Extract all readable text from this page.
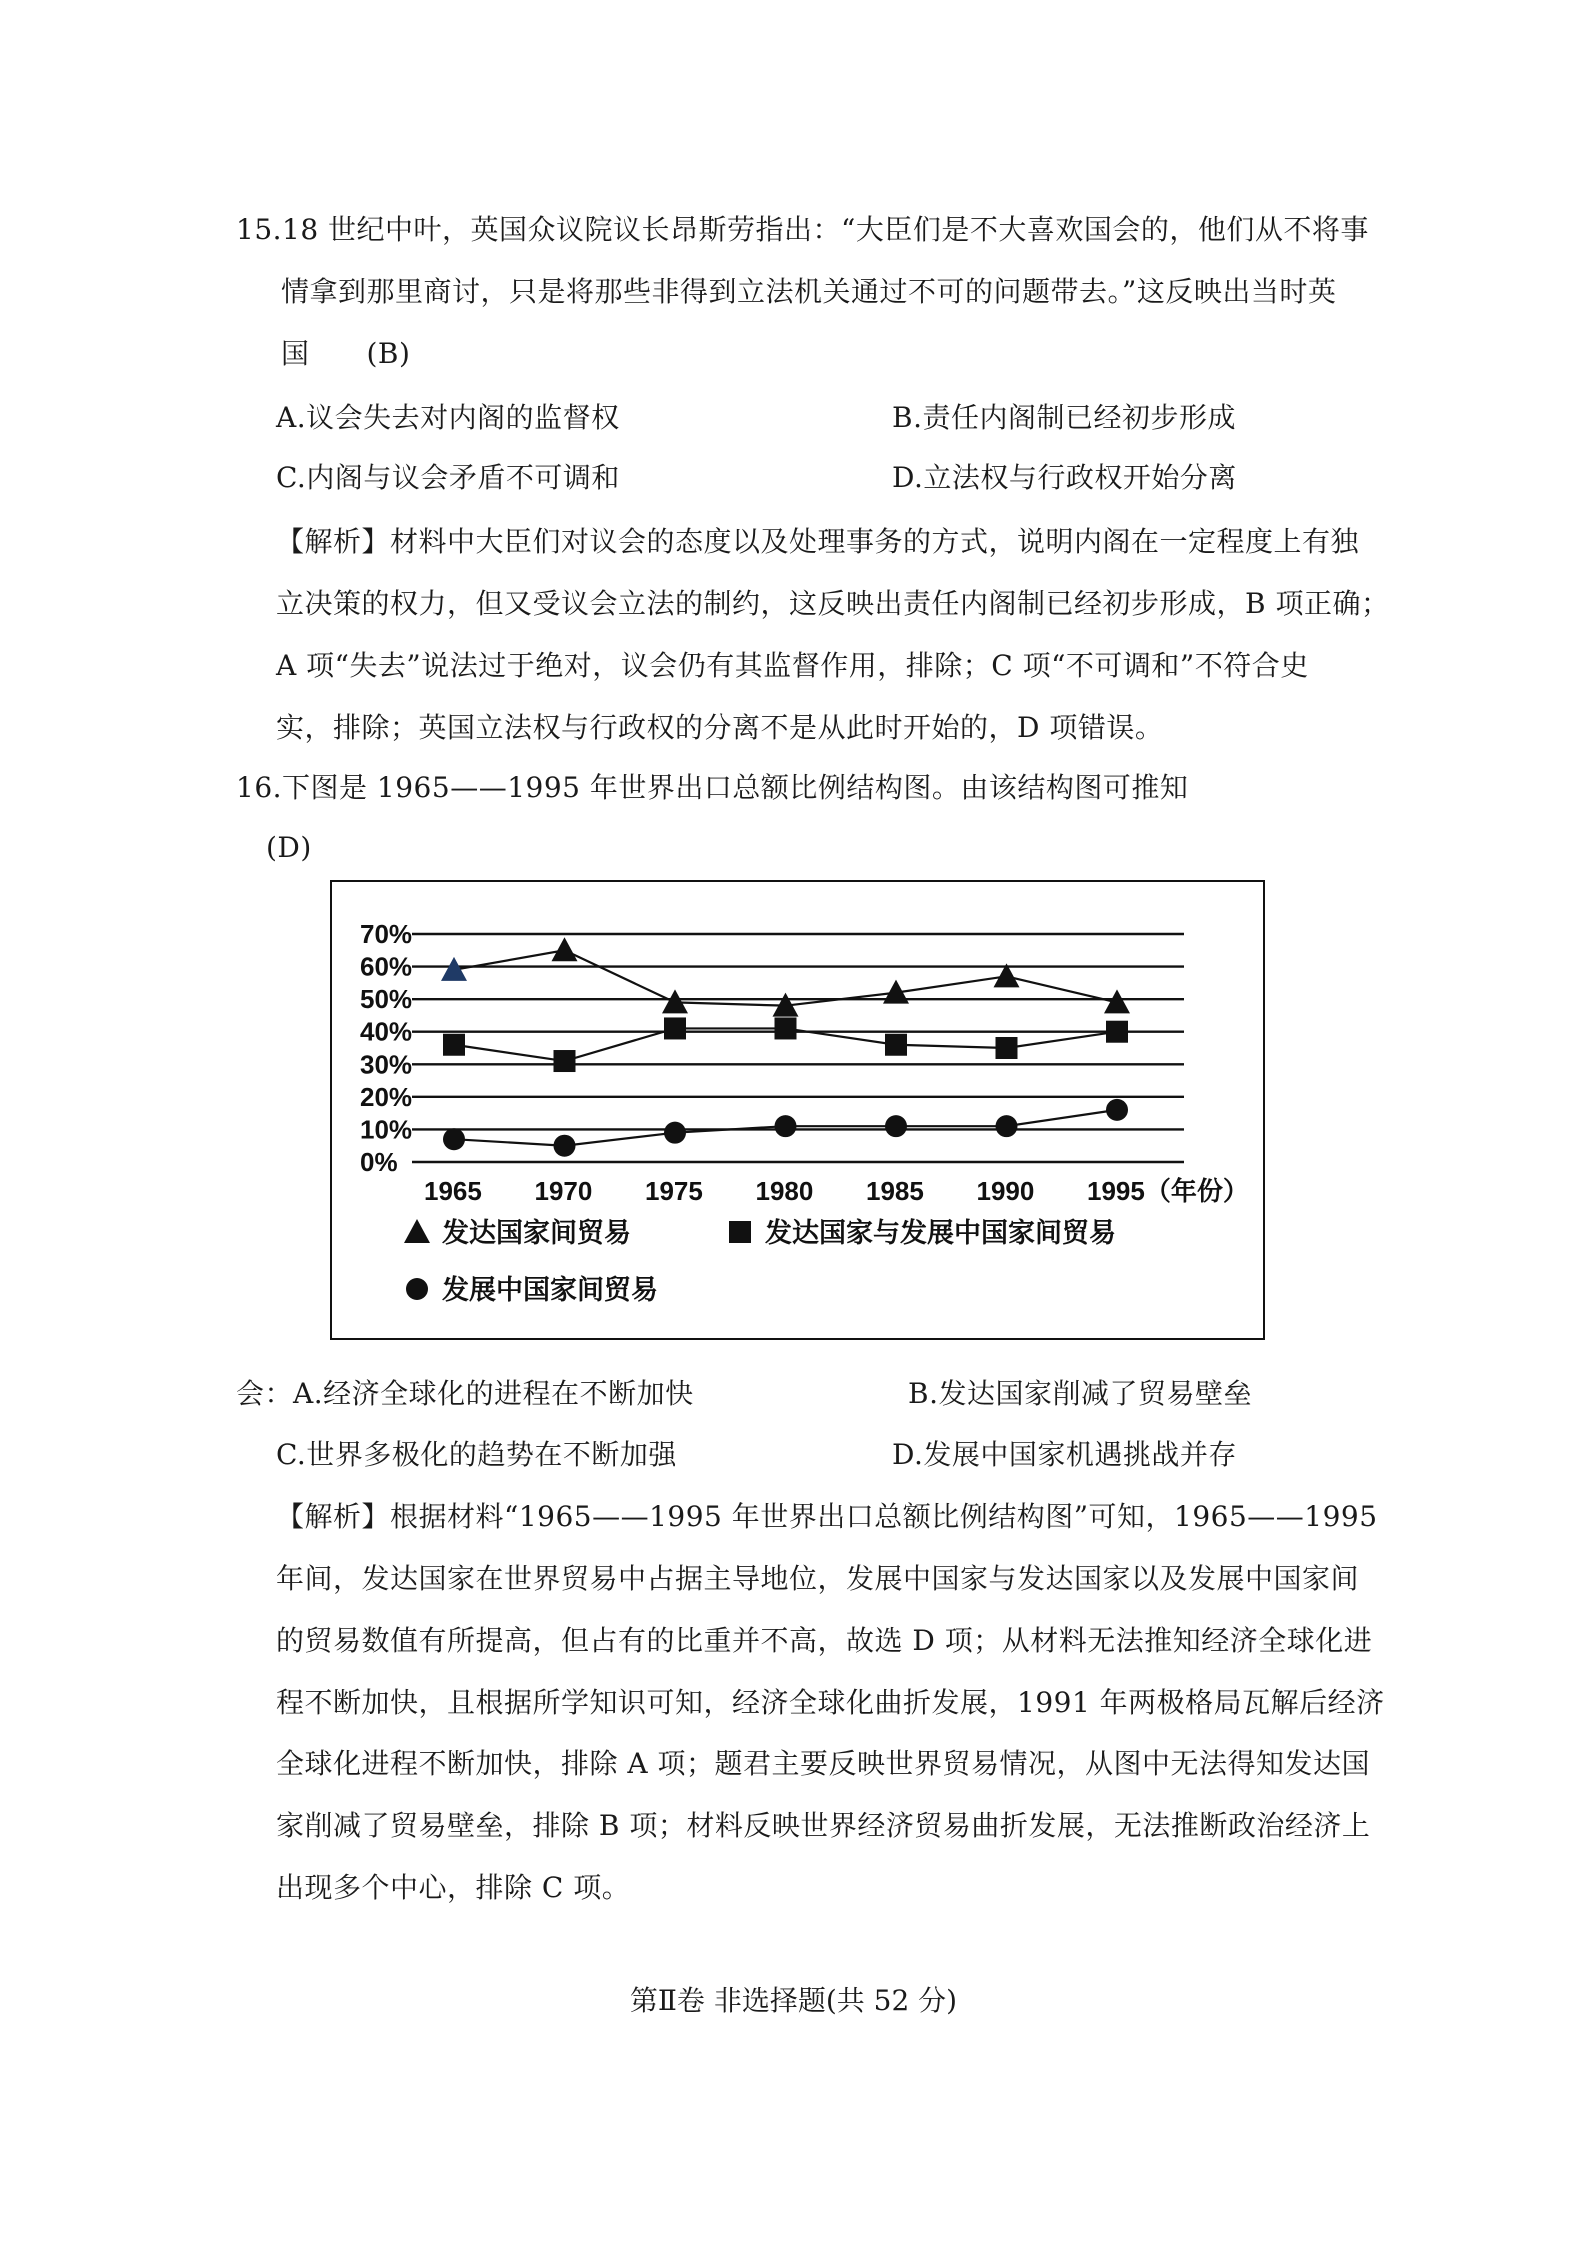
15.18 世纪中叶，英国众议院议长昂斯劳指出：“大臣们是不大喜欢国会的，他们从不将事
情拿到那里商讨，只是将那些非得到立法机关通过不可的问题带去。”这反映出当时英
国　　(B)
A.议会失去对内阁的监督权	B.责任内阁制已经初步形成
C.内阁与议会矛盾不可调和	D.立法权与行政权开始分离
【解析】材料中大臣们对议会的态度以及处理事务的方式，说明内阁在一定程度上有独
立决策的权力，但又受议会立法的制约，这反映出责任内阁制已经初步形成，B 项正确；
A 项“失去”说法过于绝对，议会仍有其监督作用，排除；C 项“不可调和”不符合史
实，排除；英国立法权与行政权的分离不是从此时开始的，D 项错误。
16.下图是 1965——1995 年世界出口总额比例结构图。由该结构图可推知
(D)
70%
60%
50%
40%
30%
20%
10%
0%
1965 1970 1975 1980 1985 1990 1995（年份）
发达国家间贸易	发达国家与发展中国家间贸易
发展中国家间贸易
会：A.经济全球化的进程在不断加快	B.发达国家削减了贸易壁垒
C.世界多极化的趋势在不断加强	D.发展中国家机遇挑战并存
【解析】根据材料“1965——1995 年世界出口总额比例结构图”可知，1965——1995
年间，发达国家在世界贸易中占据主导地位，发展中国家与发达国家以及发展中国家间
的贸易数值有所提高，但占有的比重并不高，故选 D 项；从材料无法推知经济全球化进
程不断加快，且根据所学知识可知，经济全球化曲折发展，1991 年两极格局瓦解后经济
全球化进程不断加快，排除 A 项；题君主要反映世界贸易情况，从图中无法得知发达国
家削减了贸易壁垒，排除 B 项；材料反映世界经济贸易曲折发展，无法推断政治经济上
出现多个中心，排除 C 项。
第Ⅱ卷 非选择题(共 52 分)
